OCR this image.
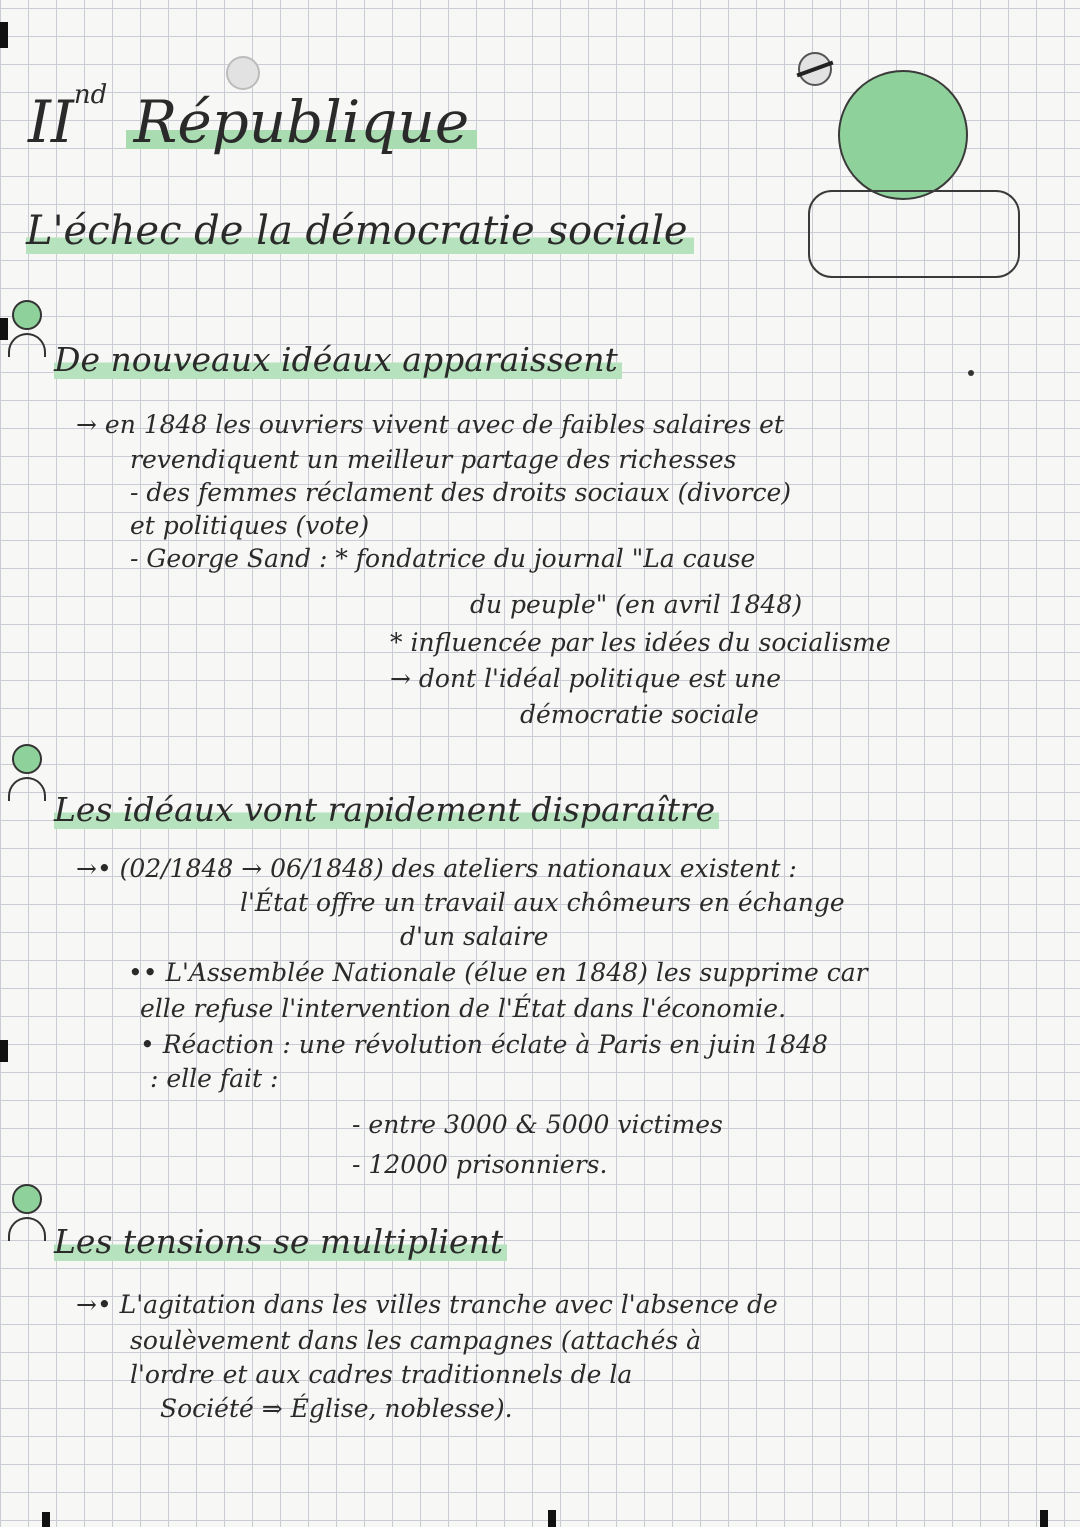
IInd République
L'échec de la démocratie sociale
De nouveaux idéaux apparaissent
→ en 1848 les ouvriers vivent avec de faibles salaires et
revendiquent un meilleur partage des richesses
- des femmes réclament des droits sociaux (divorce)
et politiques (vote)
- George Sand : * fondatrice du journal "La cause
du peuple" (en avril 1848)
* influencée par les idées du socialisme
→ dont l'idéal politique est une
démocratie sociale
Les idéaux vont rapidement disparaître
→• (02/1848 → 06/1848) des ateliers nationaux existent :
l'État offre un travail aux chômeurs en échange
d'un salaire
•• L'Assemblée Nationale (élue en 1848) les supprime car
elle refuse l'intervention de l'État dans l'économie.
• Réaction : une révolution éclate à Paris en juin 1848
: elle fait :
- entre 3000 & 5000 victimes
- 12000 prisonniers.
Les tensions se multiplient
→• L'agitation dans les villes tranche avec l'absence de
soulèvement dans les campagnes (attachés à
l'ordre et aux cadres traditionnels de la
Société ⇒ Église, noblesse).
